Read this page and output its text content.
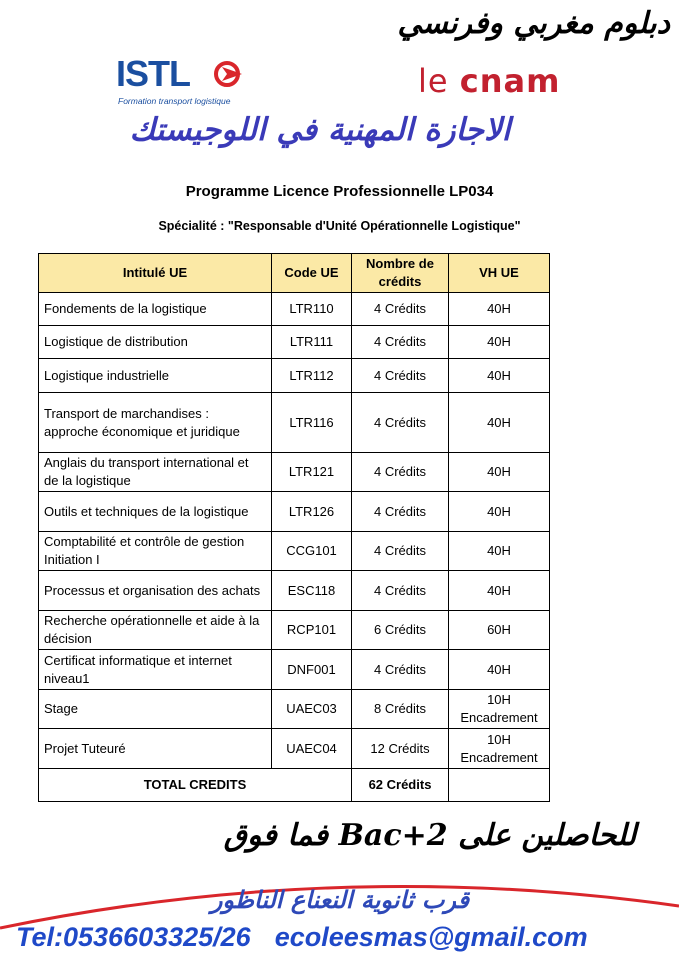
دبلوم مغربي وفرنسي
ISTL
Formation transport logistique
le cnam
الاجازة المهنية في اللوجيستك
Programme Licence Professionnelle LP034
Spécialité : "Responsable d'Unité Opérationnelle Logistique"
Intitulé UE	Code UE	Nombre de crédits	VH UE
Fondements de la logistique	LTR110	4 Crédits	40H
Logistique de distribution	LTR111	4 Crédits	40H
Logistique industrielle	LTR112	4 Crédits	40H
Transport de marchandises : approche économique et juridique	LTR116	4 Crédits	40H
Anglais du transport international et de la logistique	LTR121	4 Crédits	40H
Outils et techniques de la logistique	LTR126	4 Crédits	40H
Comptabilité et contrôle de gestion Initiation I	CCG101	4 Crédits	40H
Processus et organisation des achats	ESC118	4 Crédits	40H
Recherche opérationnelle et aide à la décision	RCP101	6 Crédits	60H
Certificat informatique et internet niveau1	DNF001	4 Crédits	40H
Stage	UAEC03	8 Crédits	10H Encadrement
Projet Tuteuré	UAEC04	12 Crédits	10H Encadrement
TOTAL CREDITS		62 Crédits	
للحاصلين على Bac+2 فما فوق
قرب ثانوية النعناع الناظور
Tel:0536603325/26 ecoleesmas@gmail.com
